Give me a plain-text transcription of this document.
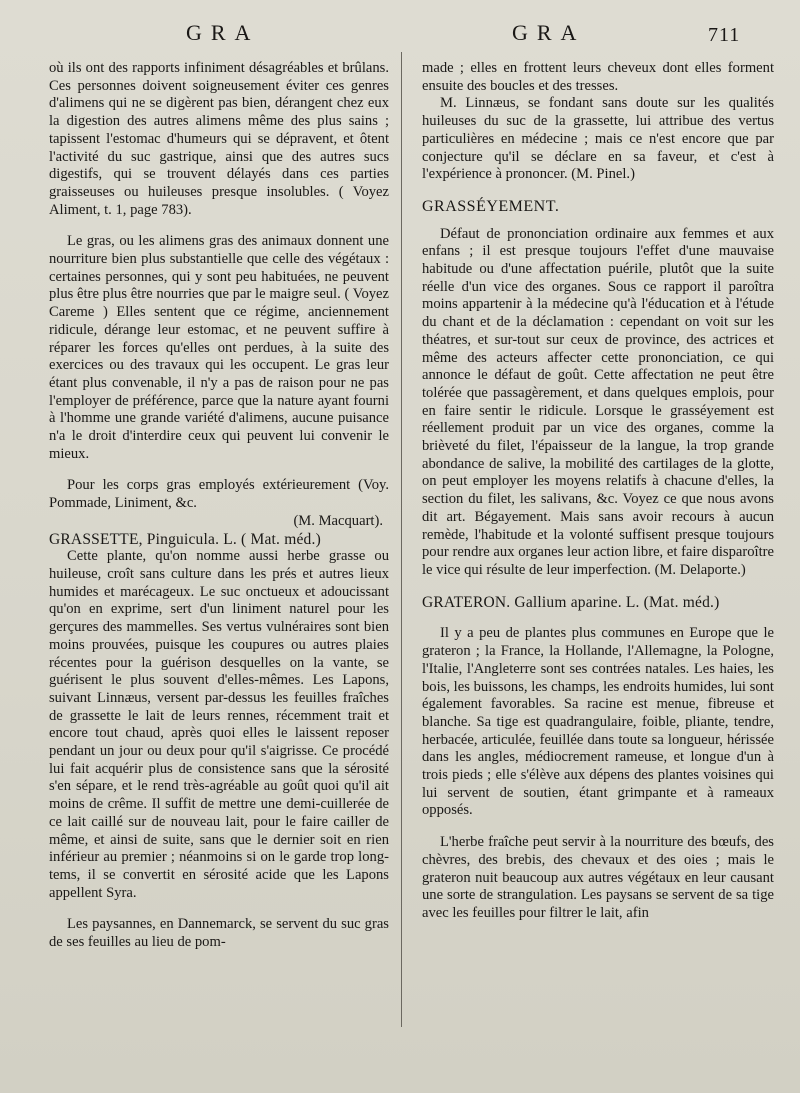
GRA	GRA	711

où ils ont des rapports infiniment désagréables et brûlans. Ces personnes doivent soigneusement éviter ces genres d'alimens qui ne se digèrent pas bien, dérangent chez eux la digestion des autres alimens même des plus sains ; tapissent l'estomac d'humeurs qui se dépravent, et ôtent l'activité du suc gastrique, ainsi que des autres sucs digestifs, qui se trouvent délayés dans ces parties graisseuses ou huileuses presque insolubles. ( Voyez Aliment, t. 1, page 783).

Le gras, ou les alimens gras des animaux donnent une nourriture bien plus substantielle que celle des végétaux : certaines personnes, qui y sont peu habituées, ne peuvent plus être plus être nourries que par le maigre seul. ( Voyez Careme ) Elles sentent que ce régime, anciennement ridicule, dérange leur estomac, et ne peuvent suffire à réparer les forces qu'elles ont perdues, à la suite des exercices ou des travaux qui les occupent. Le gras leur étant plus convenable, il n'y a pas de raison pour ne pas l'employer de préférence, parce que la nature ayant fourni à l'homme une grande variété d'alimens, aucune puisance n'a le droit d'interdire ceux qui peuvent lui convenir le mieux.

Pour les corps gras employés extérieurement (Voy. Pommade, Liniment, &c.

(M. Macquart).

GRASSETTE, Pinguicula. L. ( Mat. méd.)

Cette plante, qu'on nomme aussi herbe grasse ou huileuse, croît sans culture dans les prés et autres lieux humides et marécageux. Le suc onctueux et adoucissant qu'on en exprime, sert d'un liniment naturel pour les gerçures des mammelles. Ses vertus vulnéraires sont bien moins prouvées, puisque les coupures ou autres plaies récentes pour la guérison desquelles on la vante, se guérisent le plus souvent d'elles-mêmes. Les Lapons, suivant Linnæus, versent par-dessus les feuilles fraîches de grassette le lait de leurs rennes, récemment trait et encore tout chaud, après quoi elles le laissent reposer pendant un jour ou deux pour qu'il s'aigrisse. Ce procédé lui fait acquérir plus de consistence sans que la sérosité s'en sépare, et le rend très-agréable au goût quoi qu'il ait moins de crême. Il suffit de mettre une demi-cuillerée de ce lait caillé sur de nouveau lait, pour le faire cailler de même, et ainsi de suite, sans que le dernier soit en rien inférieur au premier ; néanmoins si on le garde trop long-tems, il se convertit en sérosité acide que les Lapons appellent Syra.

Les paysannes, en Dannemarck, se servent du suc gras de ses feuilles au lieu de pom-

made ; elles en frottent leurs cheveux dont elles forment ensuite des boucles et des tresses.

M. Linnæus, se fondant sans doute sur les qualités huileuses du suc de la grassette, lui attribue des vertus particulières en médecine ; mais ce n'est encore que par conjecture qu'il se déclare en sa faveur, et c'est à l'expérience à prononcer. (M. Pinel.)

GRASSÉYEMENT.

Défaut de prononciation ordinaire aux femmes et aux enfans ; il est presque toujours l'effet d'une mauvaise habitude ou d'une affectation puérile, plutôt que la suite réelle d'un vice des organes. Sous ce rapport il paroîtra moins appartenir à la médecine qu'à l'éducation et à l'étude du chant et de la déclamation : cependant on voit sur les théatres, et sur-tout sur ceux de province, des actrices et même des acteurs affecter cette prononciation, ce qui annonce le défaut de goût. Cette affectation ne peut être tolérée que passagèrement, et dans quelques emplois, pour en faire sentir le ridicule. Lorsque le grasséyement est réellement produit par un vice des organes, comme la brièveté du filet, l'épaisseur de la langue, la trop grande abondance de salive, la mobilité des cartilages de la glotte, on peut employer les moyens relatifs à chacune d'elles, la section du filet, les salivans, &c. Voyez ce que nous avons dit art. Bégayement. Mais sans avoir recours à aucun remède, l'habitude et la volonté suffisent presque toujours pour rendre aux organes leur action libre, et faire disparoître le vice qui résulte de leur imperfection. (M. Delaporte.)

GRATERON. Gallium aparine. L. (Mat. méd.)

Il y a peu de plantes plus communes en Europe que le grateron ; la France, la Hollande, l'Allemagne, la Pologne, l'Italie, l'Angleterre sont ses contrées natales. Les haies, les bois, les buissons, les champs, les endroits humides, lui sont également favorables. Sa racine est menue, fibreuse et blanche. Sa tige est quadrangulaire, foible, pliante, tendre, herbacée, articulée, feuillée dans toute sa longueur, hérissée dans les angles, médiocrement rameuse, et longue d'un à trois pieds ; elle s'élève aux dépens des plantes voisines qui lui servent de soutien, étant grimpante et à rameaux opposés.

L'herbe fraîche peut servir à la nourriture des bœufs, des chèvres, des brebis, des chevaux et des oies ; mais le grateron nuit beaucoup aux autres végétaux en leur causant une sorte de strangulation. Les paysans se servent de sa tige avec les feuilles pour filtrer le lait, afin
